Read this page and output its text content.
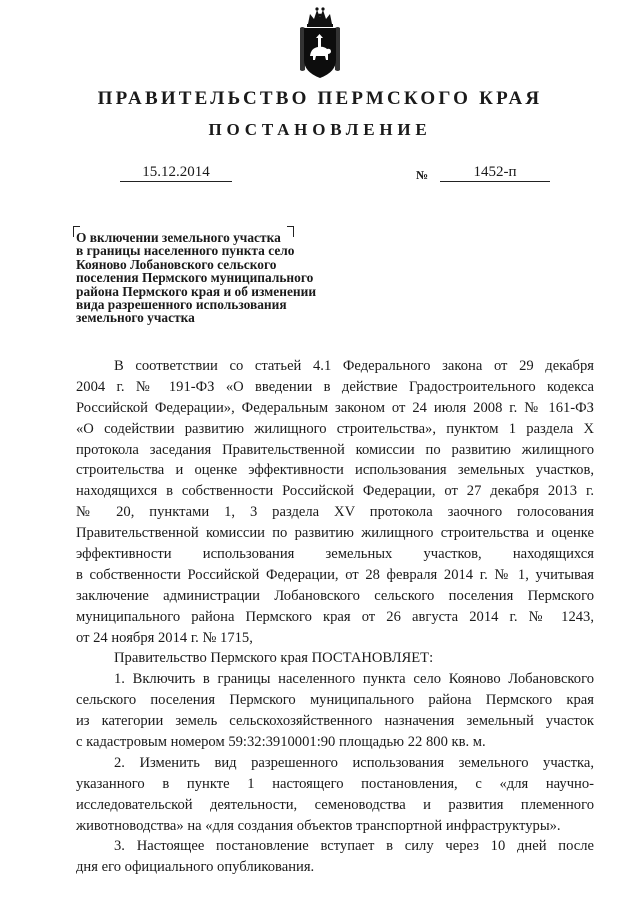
ПРАВИТЕЛЬСТВО ПЕРМСКОГО КРАЯ
ПОСТАНОВЛЕНИЕ
15.12.2014	№	1452-п
О включении земельного участка
в границы населенного пункта село
Кояново Лобановского сельского
поселения Пермского муниципального
района Пермского края и об изменении
вида разрешенного использования
земельного участка

В соответствии со статьей 4.1 Федерального закона от 29 декабря
2004 г. № 191-ФЗ «О введении в действие Градостроительного кодекса
Российской Федерации», Федеральным законом от 24 июля 2008 г. № 161-ФЗ
«О содействии развитию жилищного строительства», пунктом 1 раздела X
протокола заседания Правительственной комиссии по развитию жилищного
строительства и оценке эффективности использования земельных участков,
находящихся в собственности Российской Федерации, от 27 декабря 2013 г.
№ 20, пунктами 1, 3 раздела XV протокола заочного голосования
Правительственной комиссии по развитию жилищного строительства и оценке
эффективности использования земельных участков, находящихся
в собственности Российской Федерации, от 28 февраля 2014 г. № 1, учитывая
заключение администрации Лобановского сельского поселения Пермского
муниципального района Пермского края от 26 августа 2014 г. № 1243,
от 24 ноября 2014 г. № 1715,

Правительство Пермского края ПОСТАНОВЛЯЕТ:

1. Включить в границы населенного пункта село Кояново Лобановского
сельского поселения Пермского муниципального района Пермского края
из категории земель сельскохозяйственного назначения земельный участок
с кадастровым номером 59:32:3910001:90 площадью 22 800 кв. м.

2. Изменить вид разрешенного использования земельного участка,
указанного в пункте 1 настоящего постановления, с «для научно-
исследовательской деятельности, семеноводства и развития племенного
животноводства» на «для создания объектов транспортной инфраструктуры».

3. Настоящее постановление вступает в силу через 10 дней после
дня его официального опубликования.
